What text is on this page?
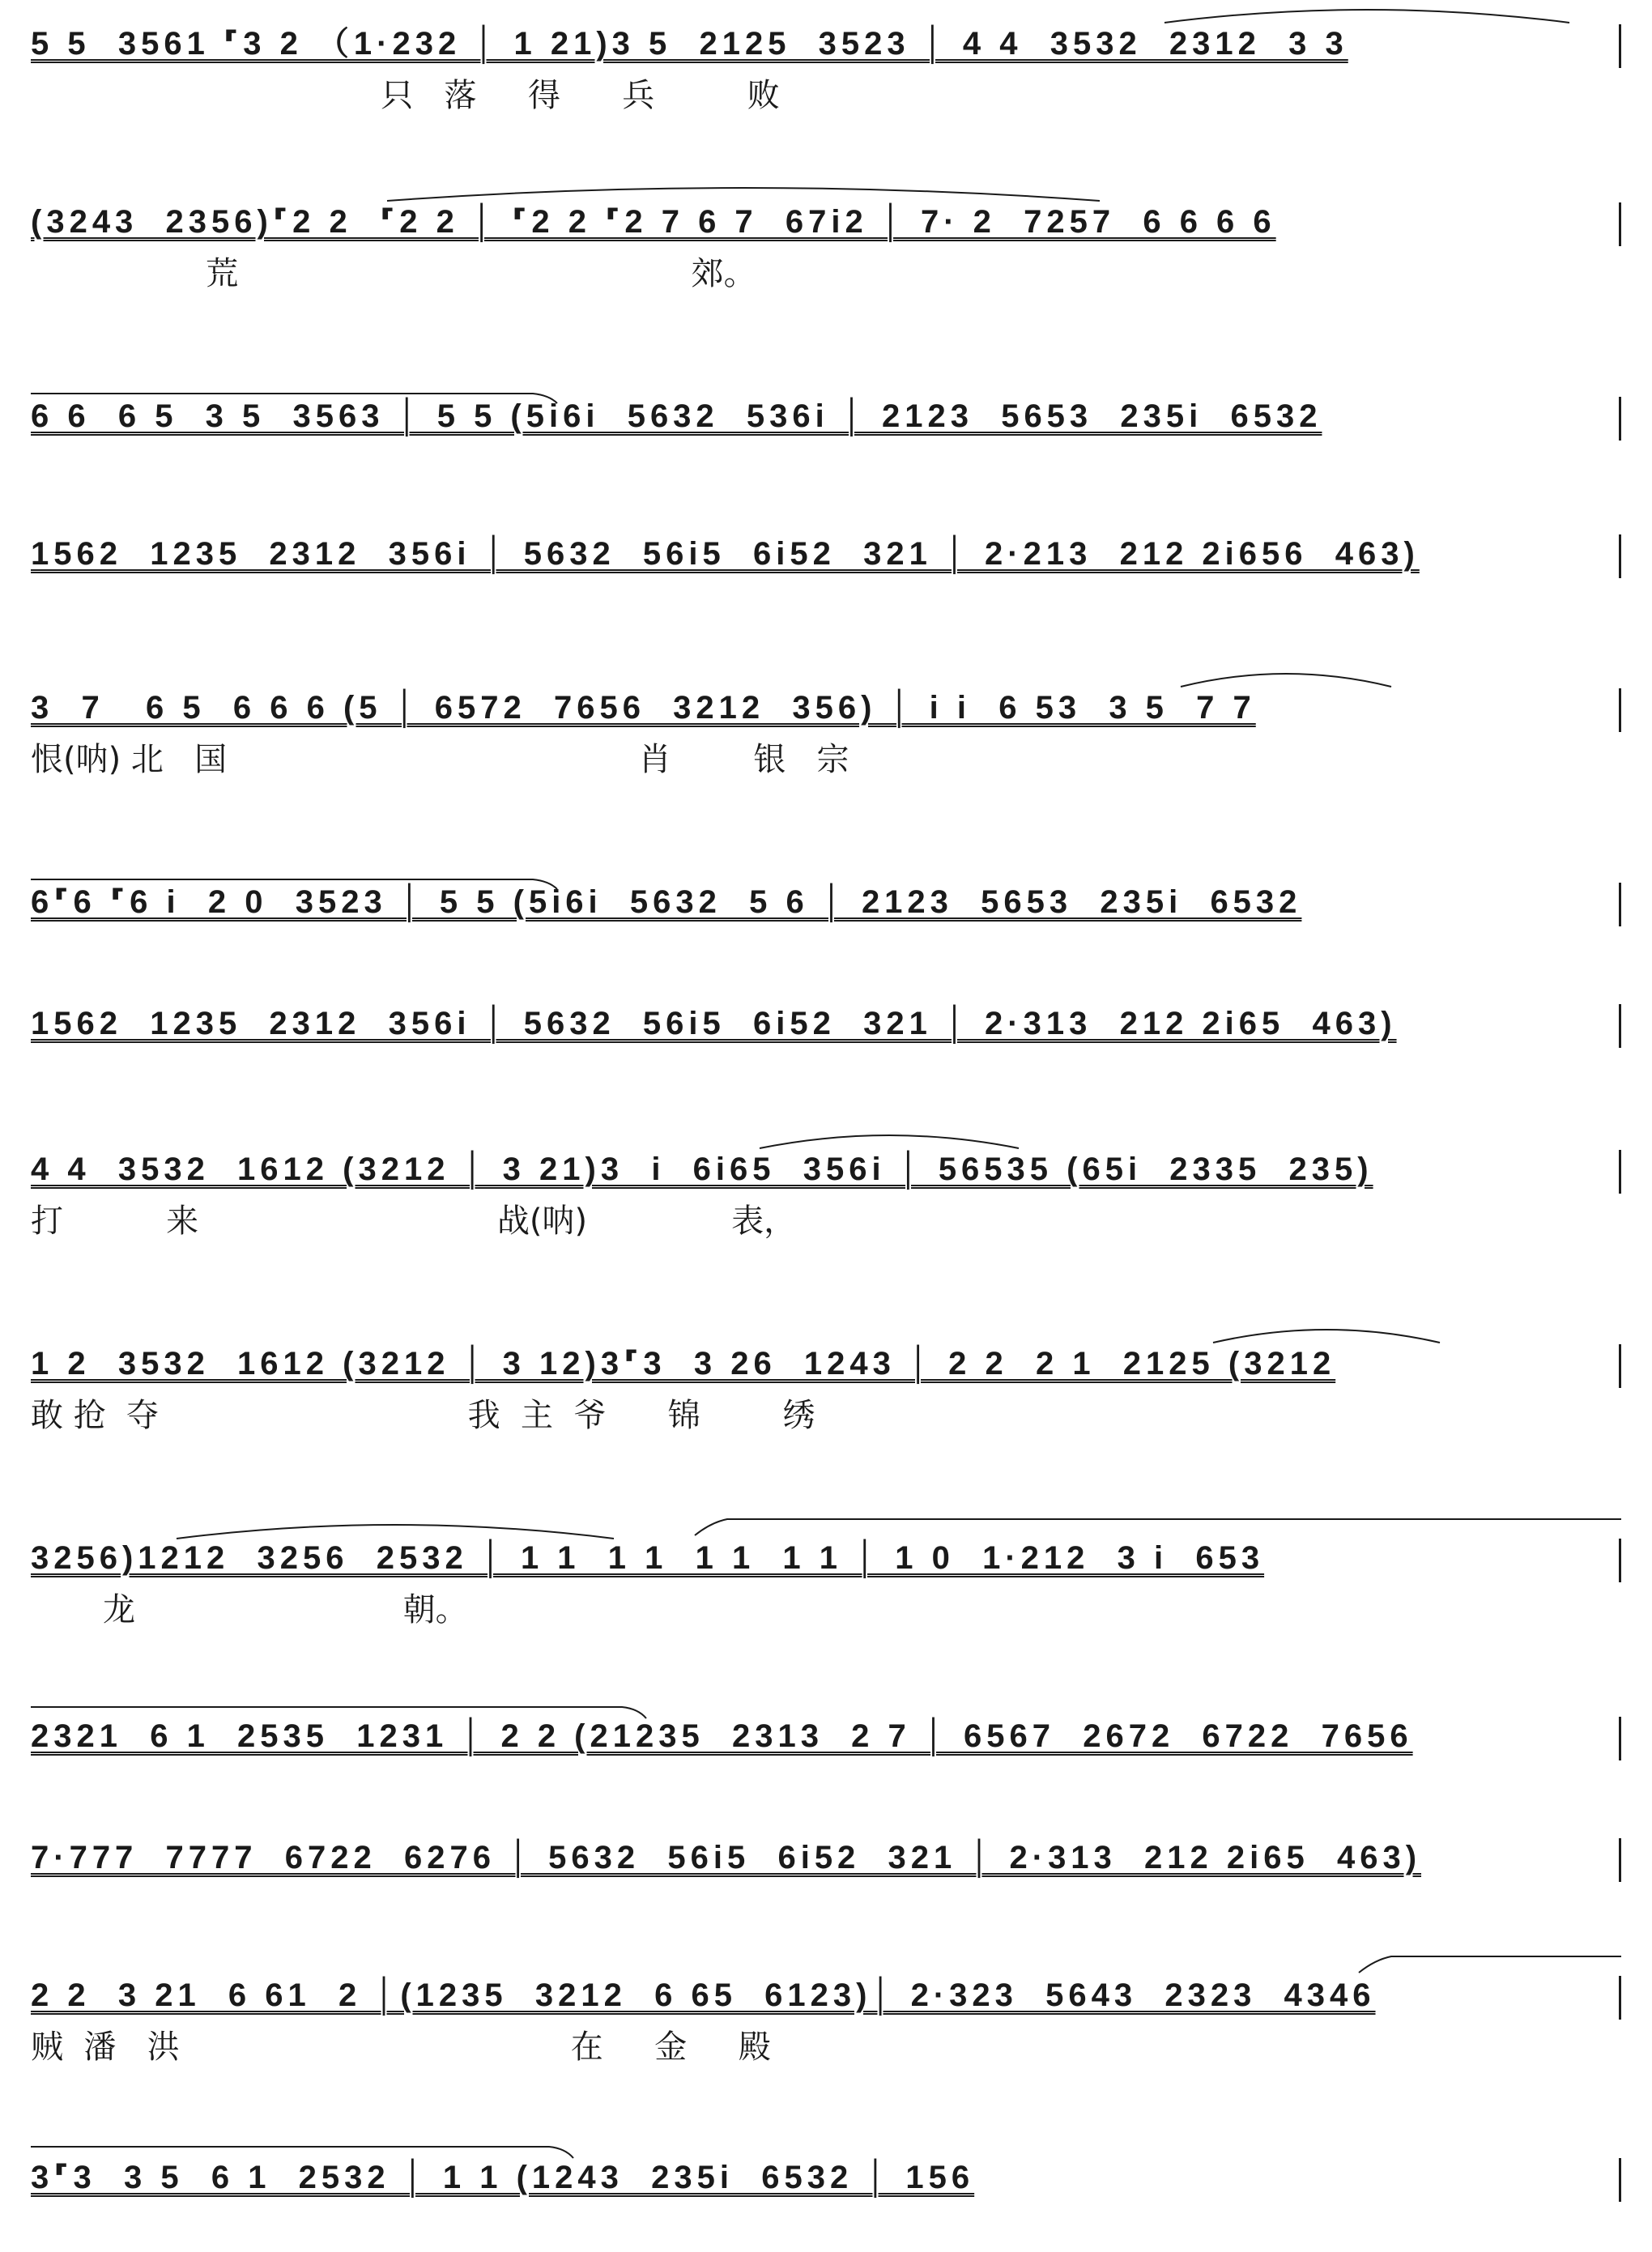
5 5  3561 ⸢3 2 （1·232 │ 1 21)3 5  2125  3523 │ 4 4  3532  2312  3 3
只   落     得      兵         败
(3243  2356)⸢2 2  ⸢2 2 │ ⸢2 2 ⸢2 7 6 7  67i2 │ 7· 2  7257  6 6 6 6
荒                                            郊。
6 6  6 5  3 5  3563 │ 5 5 (5i6i  5632  536i │ 2123  5653  235i  6532
1562  1235  2312  356i │ 5632  56i5  6i52  321 │ 2·213  212 2i656  463)
3  7   6 5  6 6 6 (5 │ 6572  7656  3212  356) │ i i  6 53  3 5  7 7
恨(呐) 北   国                                        肖        银   宗
6⸢6 ⸢6 i  2 0  3523 │ 5 5 (5i6i  5632  5 6 │ 2123  5653  235i  6532
1562  1235  2312  356i │ 5632  56i5  6i52  321 │ 2·313  212 2i65  463)
4 4  3532  1612 (3212 │ 3 21)3  i  6i65  356i │ 56535 (65i  2335  235)
打          来                             战(呐)              表，
1 2  3532  1612 (3212 │ 3 12)3⸢3  3 26  1243 │ 2 2  2 1  2125 (3212
敢 抢  夺                              我  主  爷      锦        绣
3256)1212  3256  2532 │ 1 1  1 1  1 1  1 1 │ 1 0  1·212  3 i  653
龙                          朝。
2321  6 1  2535  1231 │ 2 2 (21235  2313  2 7 │ 6567  2672  6722  7656
7·777  7777  6722  6276 │ 5632  56i5  6i52  321 │ 2·313  212 2i65  463)
2 2  3 21  6 61  2 │(1235  3212  6 65  6123)│ 2·323  5643  2323  4346
贼  潘   洪                                      在     金     殿
3⸢3  3 5  6 1  2532 │ 1 1 (1243  235i  6532 │ 156
